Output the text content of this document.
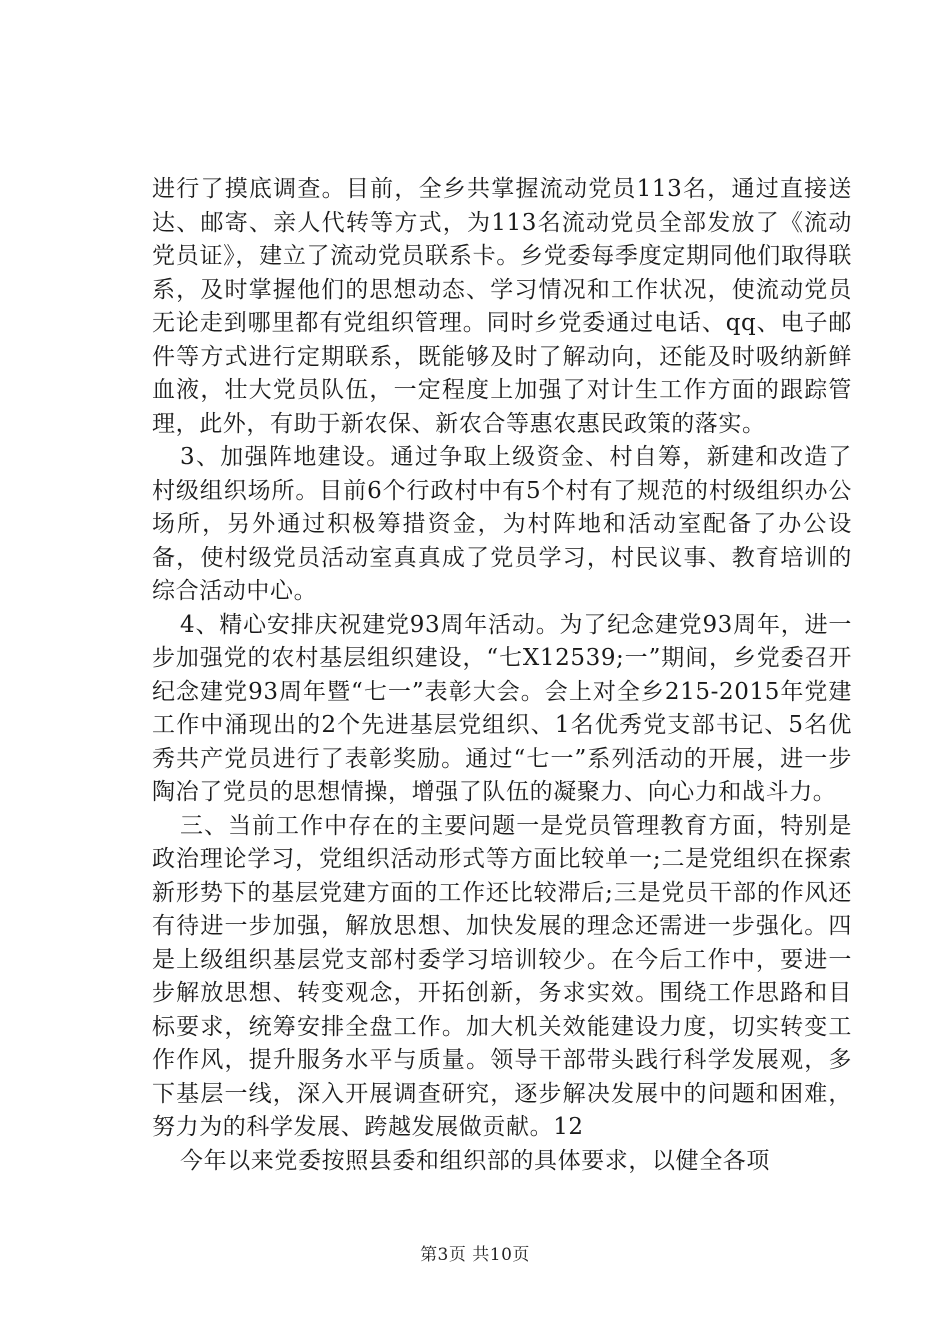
进行了摸底调查。目前，全乡共掌握流动党员113名，通过直接送达、邮寄、亲人代转等方式，为113名流动党员全部发放了《流动党员证》，建立了流动党员联系卡。乡党委每季度定期同他们取得联系，及时掌握他们的思想动态、学习情况和工作状况，使流动党员无论走到哪里都有党组织管理。同时乡党委通过电话、qq、电子邮件等方式进行定期联系，既能够及时了解动向，还能及时吸纳新鲜血液，壮大党员队伍，一定程度上加强了对计生工作方面的跟踪管理，此外，有助于新农保、新农合等惠农惠民政策的落实。

3、加强阵地建设。通过争取上级资金、村自筹，新建和改造了村级组织场所。目前6个行政村中有5个村有了规范的村级组织办公场所，另外通过积极筹措资金，为村阵地和活动室配备了办公设备，使村级党员活动室真真成了党员学习，村民议事、教育培训的综合活动中心。

4、精心安排庆祝建党93周年活动。为了纪念建党93周年，进一步加强党的农村基层组织建设，“七X12539;一”期间，乡党委召开纪念建党93周年暨“七一”表彰大会。会上对全乡215-2015年党建工作中涌现出的2个先进基层党组织、1名优秀党支部书记、5名优秀共产党员进行了表彰奖励。通过“七一”系列活动的开展，进一步陶冶了党员的思想情操，增强了队伍的凝聚力、向心力和战斗力。

三、当前工作中存在的主要问题一是党员管理教育方面，特别是政治理论学习，党组织活动形式等方面比较单一;二是党组织在探索新形势下的基层党建方面的工作还比较滞后;三是党员干部的作风还有待进一步加强，解放思想、加快发展的理念还需进一步强化。四是上级组织基层党支部村委学习培训较少。在今后工作中，要进一步解放思想、转变观念，开拓创新，务求实效。围绕工作思路和目标要求，统筹安排全盘工作。加大机关效能建设力度，切实转变工作作风，提升服务水平与质量。领导干部带头践行科学发展观，多下基层一线，深入开展调查研究，逐步解决发展中的问题和困难，努力为的科学发展、跨越发展做贡献。12

今年以来党委按照县委和组织部的具体要求，以健全各项

第3页 共10页
